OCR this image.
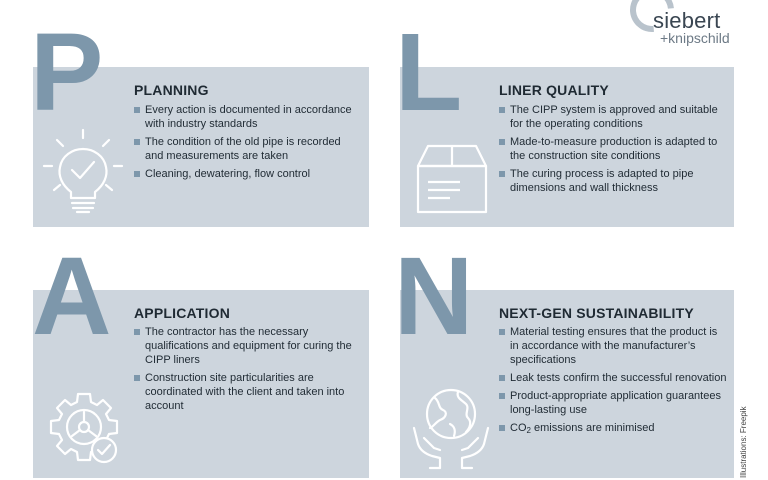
siebert
+knipschild
P PLANNING
Every action is documented in accordance with industry standards
The condition of the old pipe is recorded and measurements are taken
Cleaning, dewatering, flow control
L	LINER QUALITY
The CIPP system is approved and suitable for the operating conditions
Made-to-measure production is adapted to the construction site conditions
The curing process is adapted to pipe dimensions and wall thickness
A APPLICATION
The contractor has the necessary qualifications and equipment for curing the CIPP liners
Construction site particularities are coordinated with the client and taken into account
N NEXT-GEN SUSTAINABILITY
Material testing ensures that the product is in accordance with the manufacturer’s specifications
Leak tests confirm the successful renovation
Product-appropriate application guarantees long-lasting use
$CO_2$ emissions are minimised	Illustrations: Freepik
